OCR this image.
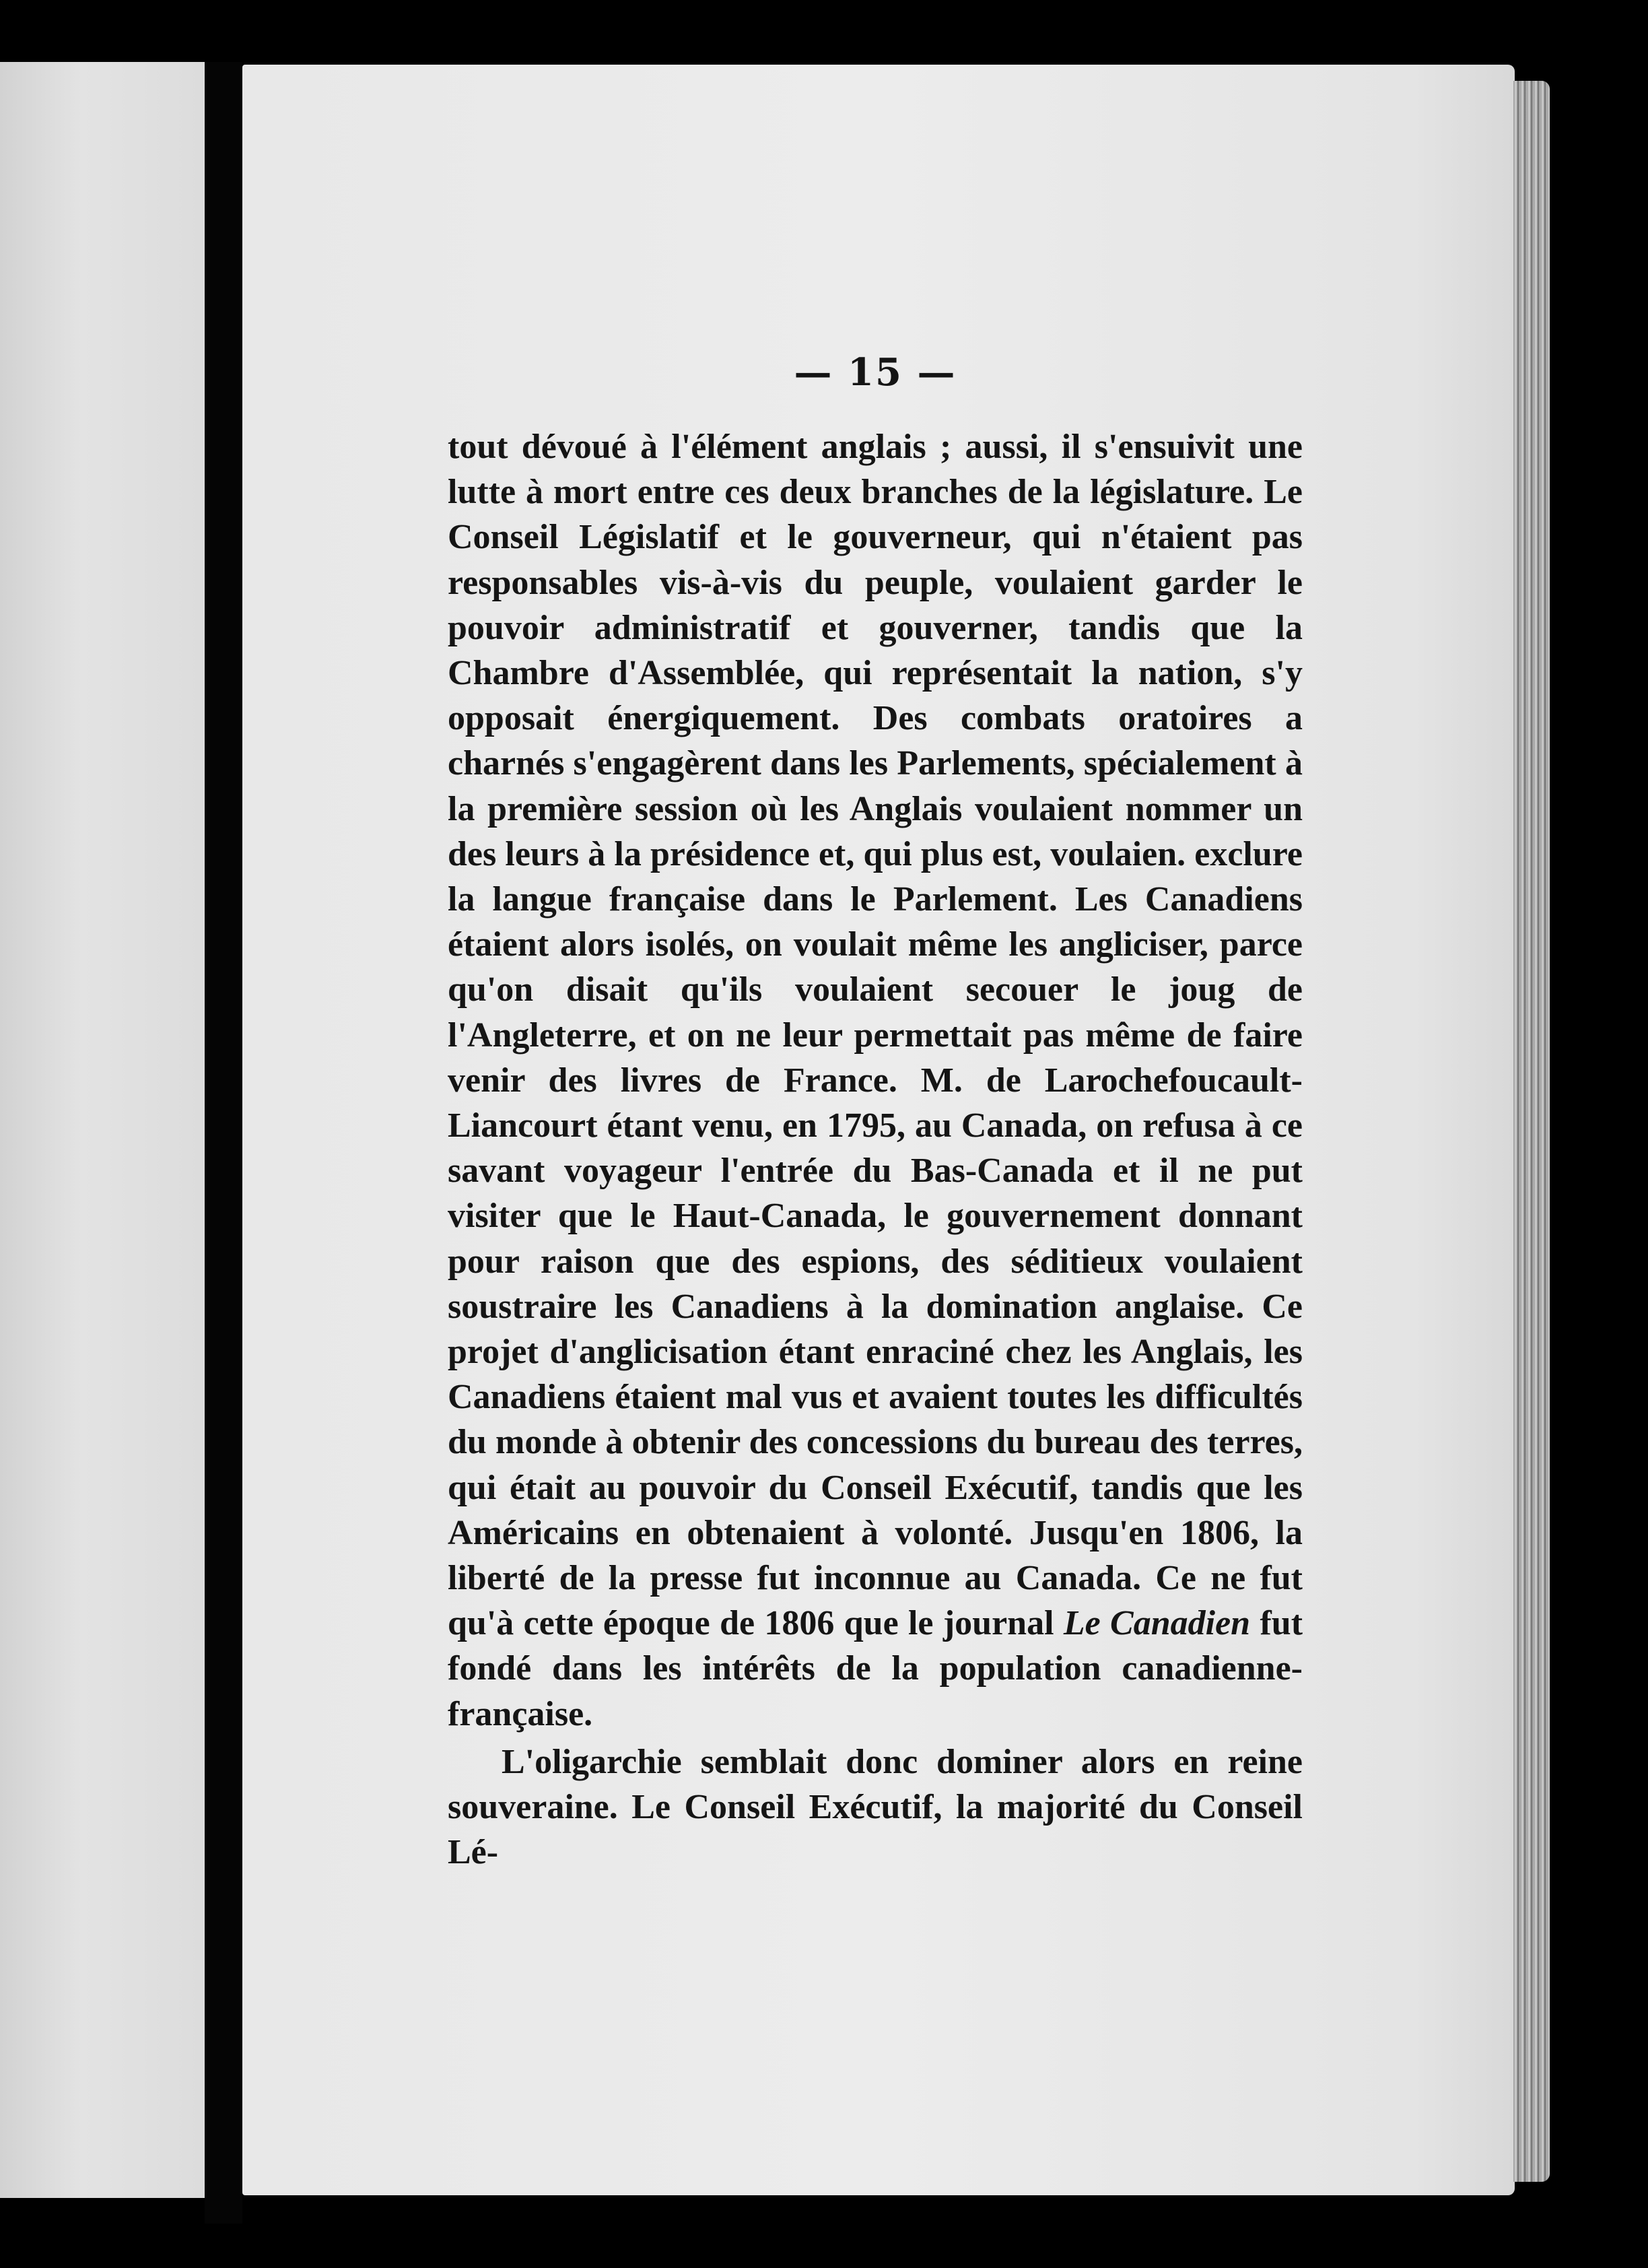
— 15 —

tout dévoué à l'élément anglais ; aussi, il s'ensuivit une lutte à mort entre ces deux branches de la législature. Le Conseil Législatif et le gouverneur, qui n'étaient pas responsables vis-à-vis du peuple, voulaient garder le pouvoir administratif et gouverner, tandis que la Chambre d'Assemblée, qui représentait la nation, s'y opposait énergiquement. Des combats oratoires a charnés s'engagèrent dans les Parlements, spécialement à la première session où les Anglais voulaient nommer un des leurs à la présidence et, qui plus est, voulaien. exclure la langue française dans le Parlement. Les Canadiens étaient alors isolés, on voulait même les angliciser, parce qu'on disait qu'ils voulaient secouer le joug de l'Angleterre, et on ne leur permettait pas même de faire venir des livres de France. M. de Larochefoucault-Liancourt étant venu, en 1795, au Canada, on refusa à ce savant voyageur l'entrée du Bas-Canada et il ne put visiter que le Haut-Canada, le gouvernement donnant pour raison que des espions, des séditieux voulaient soustraire les Canadiens à la domination anglaise. Ce projet d'anglicisation étant enraciné chez les Anglais, les Canadiens étaient mal vus et avaient toutes les difficultés du monde à obtenir des concessions du bureau des terres, qui était au pouvoir du Conseil Exécutif, tandis que les Américains en obtenaient à volonté. Jusqu'en 1806, la liberté de la presse fut inconnue au Canada. Ce ne fut qu'à cette époque de 1806 que le journal Le Canadien fut fondé dans les intérêts de la population canadienne-française.

L'oligarchie semblait donc dominer alors en reine souveraine. Le Conseil Exécutif, la majorité du Conseil Lé-
